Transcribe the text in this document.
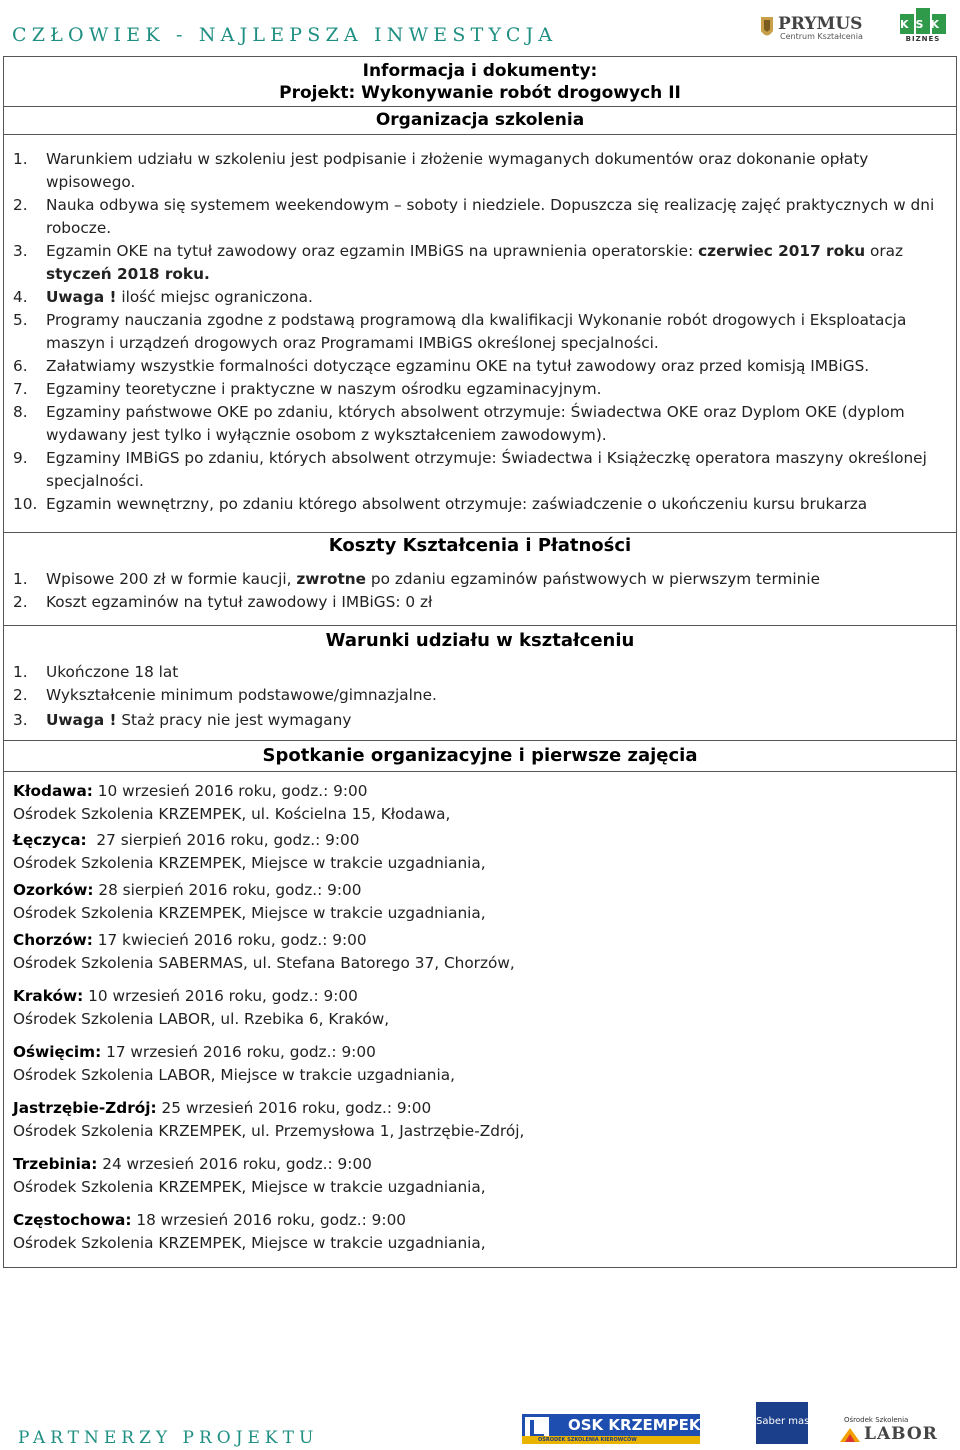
CZŁOWIEK - NAJLEPSZA INWESTYCJA	PRYMUS
Centrum Kształcenia
KSK
BIZNES
Informacja i dokumenty:
Projekt: Wykonywanie robót drogowych II
Organizacja szkolenia
1. Warunkiem udziału w szkoleniu jest podpisanie i złożenie wymaganych dokumentów oraz dokonanie opłaty wpisowego.
2. Nauka odbywa się systemem weekendowym – soboty i niedziele. Dopuszcza się realizację zajęć praktycznych w dni robocze.
3. Egzamin OKE na tytuł zawodowy oraz egzamin IMBiGS na uprawnienia operatorskie: czerwiec 2017 roku oraz styczeń 2018 roku.
4. Uwaga ! ilość miejsc ograniczona.
5. Programy nauczania zgodne z podstawą programową dla kwalifikacji Wykonanie robót drogowych i Eksploatacja maszyn i urządzeń drogowych oraz Programami IMBiGS określonej specjalności.
6. Załatwiamy wszystkie formalności dotyczące egzaminu OKE na tytuł zawodowy oraz przed komisją IMBiGS.
7. Egzaminy teoretyczne i praktyczne w naszym ośrodku egzaminacyjnym.
8. Egzaminy państwowe OKE po zdaniu, których absolwent otrzymuje: Świadectwa OKE oraz Dyplom OKE (dyplom wydawany jest tylko i wyłącznie osobom z wykształceniem zawodowym).
9. Egzaminy IMBiGS po zdaniu, których absolwent otrzymuje: Świadectwa i Książeczkę operatora maszyny określonej specjalności.
10. Egzamin wewnętrzny, po zdaniu którego absolwent otrzymuje: zaświadczenie o ukończeniu kursu brukarza
Koszty Kształcenia i Płatności
1. Wpisowe 200 zł w formie kaucji, zwrotne po zdaniu egzaminów państwowych w pierwszym terminie
2. Koszt egzaminów na tytuł zawodowy i IMBiGS: 0 zł
Warunki udziału w kształceniu
1. Ukończone 18 lat
2. Wykształcenie minimum podstawowe/gimnazjalne.
3. Uwaga ! Staż pracy nie jest wymagany
Spotkanie organizacyjne i pierwsze zajęcia
Kłodawa: 10 wrzesień 2016 roku, godz.: 9:00
Ośrodek Szkolenia KRZEMPEK, ul. Kościelna 15, Kłodawa,
Łęczyca:  27 sierpień 2016 roku, godz.: 9:00
Ośrodek Szkolenia KRZEMPEK, Miejsce w trakcie uzgadniania,
Ozorków: 28 sierpień 2016 roku, godz.: 9:00
Ośrodek Szkolenia KRZEMPEK, Miejsce w trakcie uzgadniania,
Chorzów: 17 kwiecień 2016 roku, godz.: 9:00
Ośrodek Szkolenia SABERMAS, ul. Stefana Batorego 37, Chorzów,
Kraków: 10 wrzesień 2016 roku, godz.: 9:00
Ośrodek Szkolenia LABOR, ul. Rzebika 6, Kraków,
Oświęcim: 17 wrzesień 2016 roku, godz.: 9:00
Ośrodek Szkolenia LABOR, Miejsce w trakcie uzgadniania,
Jastrzębie-Zdrój: 25 wrzesień 2016 roku, godz.: 9:00
Ośrodek Szkolenia KRZEMPEK, ul. Przemysłowa 1, Jastrzębie-Zdrój,
Trzebinia: 24 wrzesień 2016 roku, godz.: 9:00
Ośrodek Szkolenia KRZEMPEK, Miejsce w trakcie uzgadniania,
Częstochowa: 18 wrzesień 2016 roku, godz.: 9:00
Ośrodek Szkolenia KRZEMPEK, Miejsce w trakcie uzgadniania,
PARTNERZY PROJEKTU
OSK KRZEMPEK
OŚRODEK SZKOLENIA KIEROWCÓW
Saber mas	Ośrodek Szkolenia
LABOR
